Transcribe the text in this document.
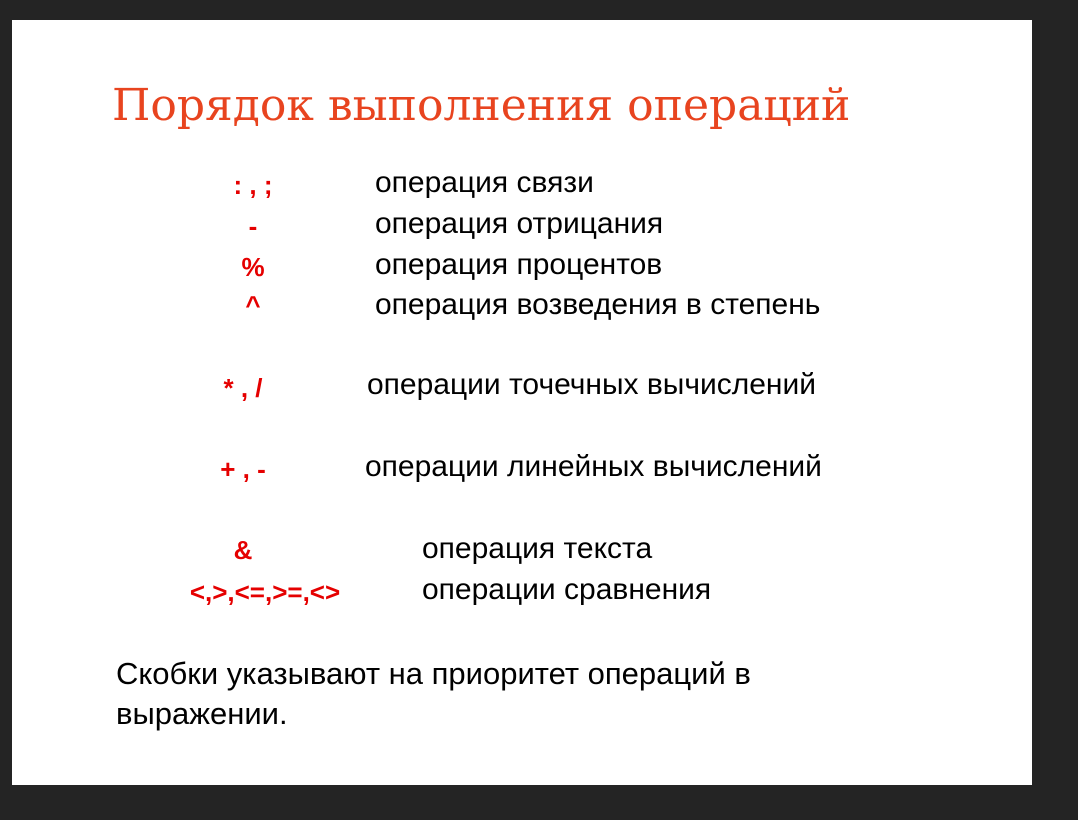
Порядок выполнения операций
: , ;	операция связи
-	операция отрицания
%	операция процентов
^	операция возведения в степень
* , /	операции точечных вычислений
+ , -	операции линейных вычислений
&	операция текста
<,>,<=,>=,<>	операции сравнения

Скобки указывают на приоритет операций в
выражении.
